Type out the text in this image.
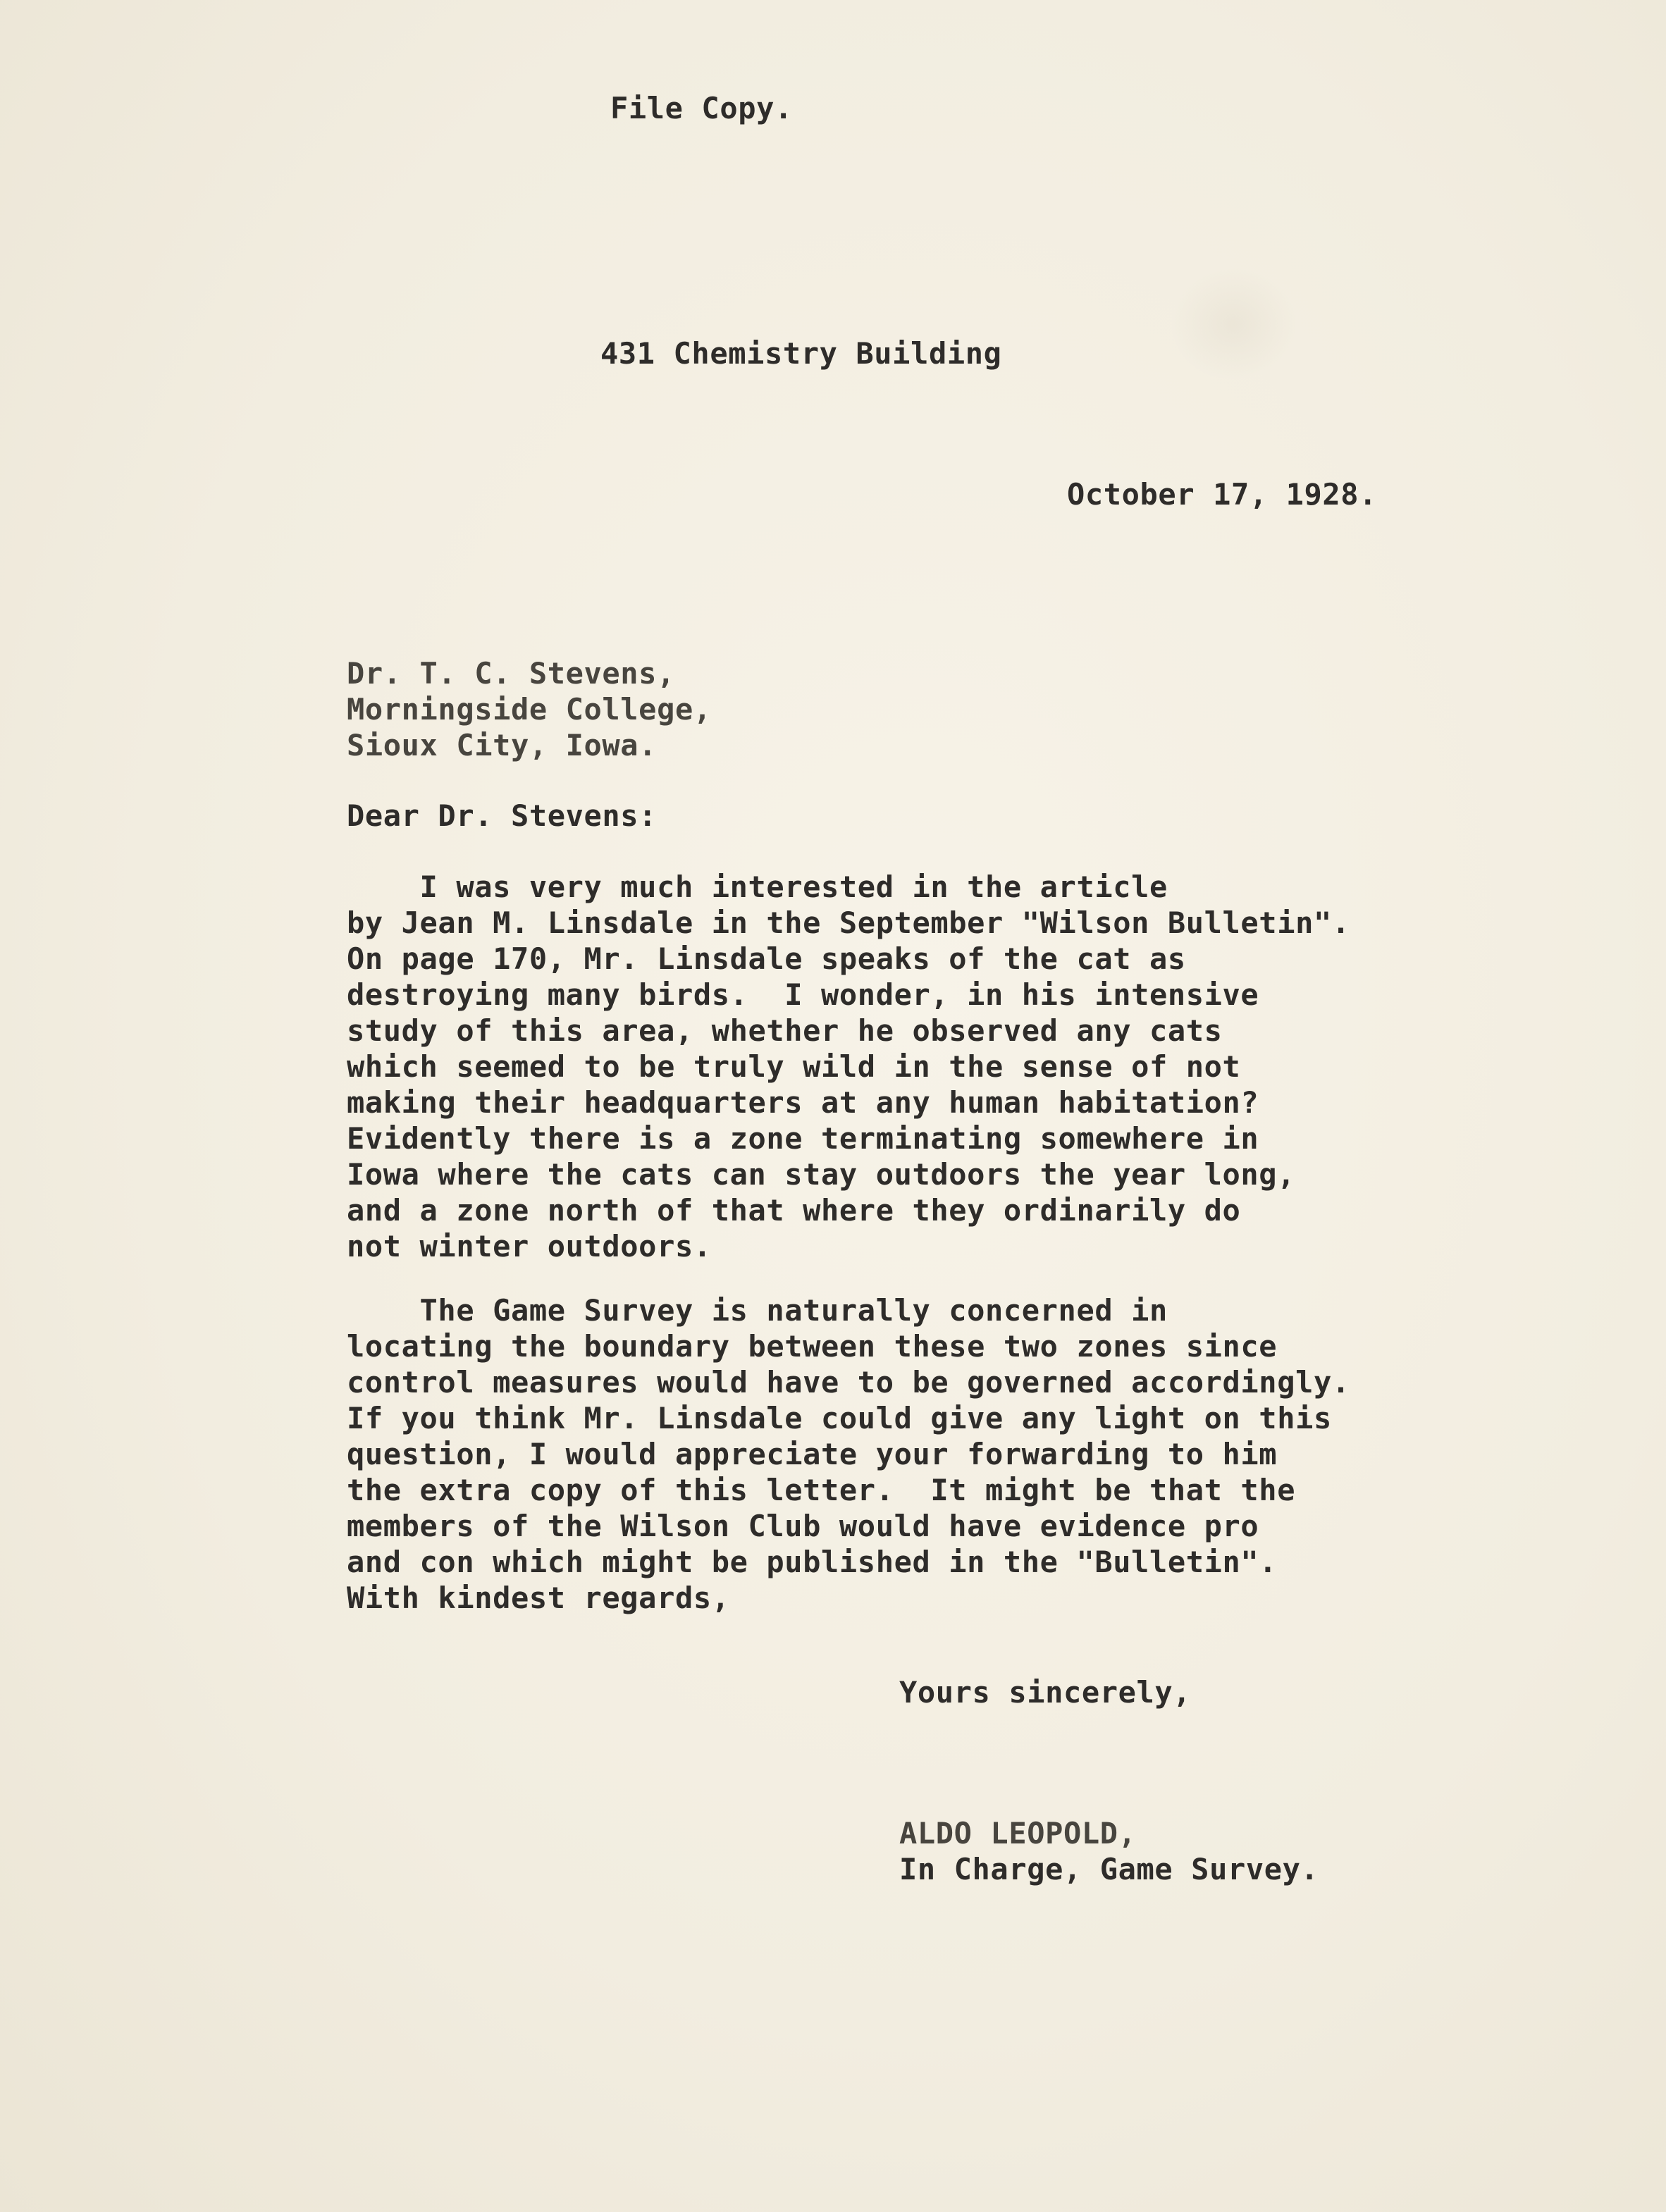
File Copy.

431 Chemistry Building

October 17, 1928.

Dr. T. C. Stevens,

Morningside College,

Sioux City, Iowa.

Dear Dr. Stevens:

I was very much interested in the article

by Jean M. Linsdale in the September "Wilson Bulletin".

On page 170, Mr. Linsdale speaks of the cat as

destroying many birds.  I wonder, in his intensive

study of this area, whether he observed any cats

which seemed to be truly wild in the sense of not

making their headquarters at any human habitation?

Evidently there is a zone terminating somewhere in

Iowa where the cats can stay outdoors the year long,

and a zone north of that where they ordinarily do

not winter outdoors.

The Game Survey is naturally concerned in

locating the boundary between these two zones since

control measures would have to be governed accordingly.

If you think Mr. Linsdale could give any light on this

question, I would appreciate your forwarding to him

the extra copy of this letter.  It might be that the

members of the Wilson Club would have evidence pro

and con which might be published in the "Bulletin".

With kindest regards,

Yours sincerely,

ALDO LEOPOLD,

In Charge, Game Survey.
